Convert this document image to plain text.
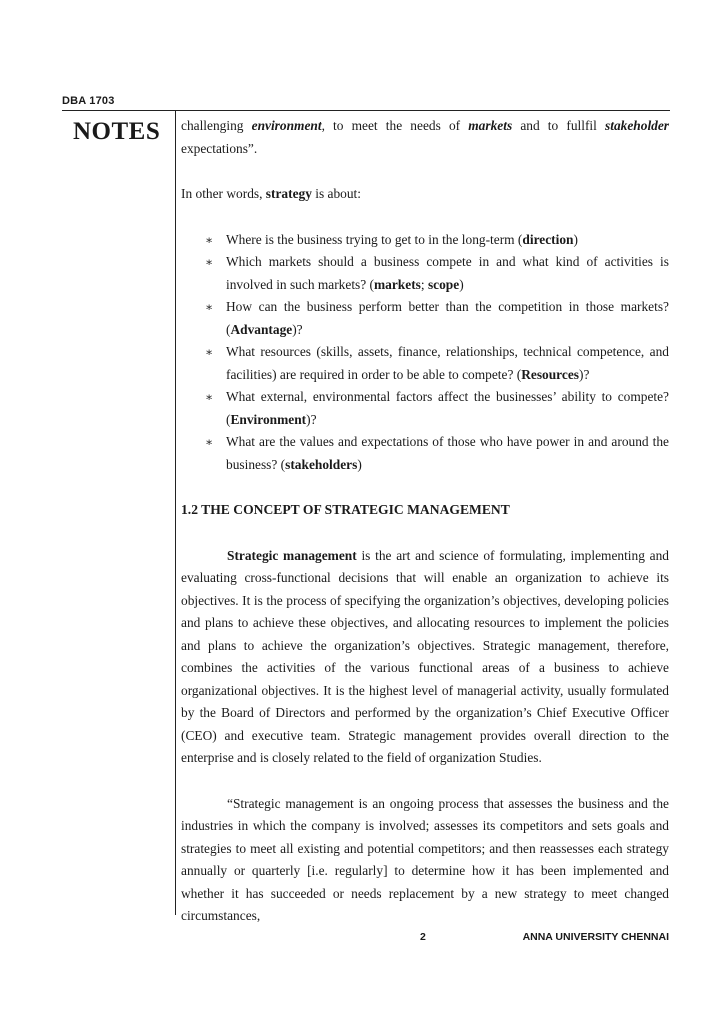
DBA 1703
NOTES challenging environment, to meet the needs of markets and to fullfil stakeholder expectations”.

In other words, strategy is about:

∗ Where is the business trying to get to in the long-term (direction)
∗ Which markets should a business compete in and what kind of activities is involved in such markets? (markets; scope)
∗ How can the business perform better than the competition in those markets? (Advantage)?
∗ What resources (skills, assets, finance, relationships, technical competence, and facilities) are required in order to be able to compete? (Resources)?
∗ What external, environmental factors affect the businesses’ ability to compete? (Environment)?
∗ What are the values and expectations of those who have power in and around the business? (stakeholders)

1.2 THE CONCEPT OF STRATEGIC MANAGEMENT

Strategic management is the art and science of formulating, implementing and evaluating cross-functional decisions that will enable an organization to achieve its objectives. It is the process of specifying the organization’s objectives, developing policies and plans to achieve these objectives, and allocating resources to implement the policies and plans to achieve the organization’s objectives. Strategic management, therefore, combines the activities of the various functional areas of a business to achieve organizational objectives. It is the highest level of managerial activity, usually formulated by the Board of Directors and performed by the organization’s Chief Executive Officer (CEO) and executive team. Strategic management provides overall direction to the enterprise and is closely related to the field of organization Studies.

“Strategic management is an ongoing process that assesses the business and the industries in which the company is involved; assesses its competitors and sets goals and strategies to meet all existing and potential competitors; and then reassesses each strategy annually or quarterly [i.e. regularly] to determine how it has been implemented and whether it has succeeded or needs replacement by a new strategy to meet changed circumstances,

2	ANNA UNIVERSITY CHENNAI
